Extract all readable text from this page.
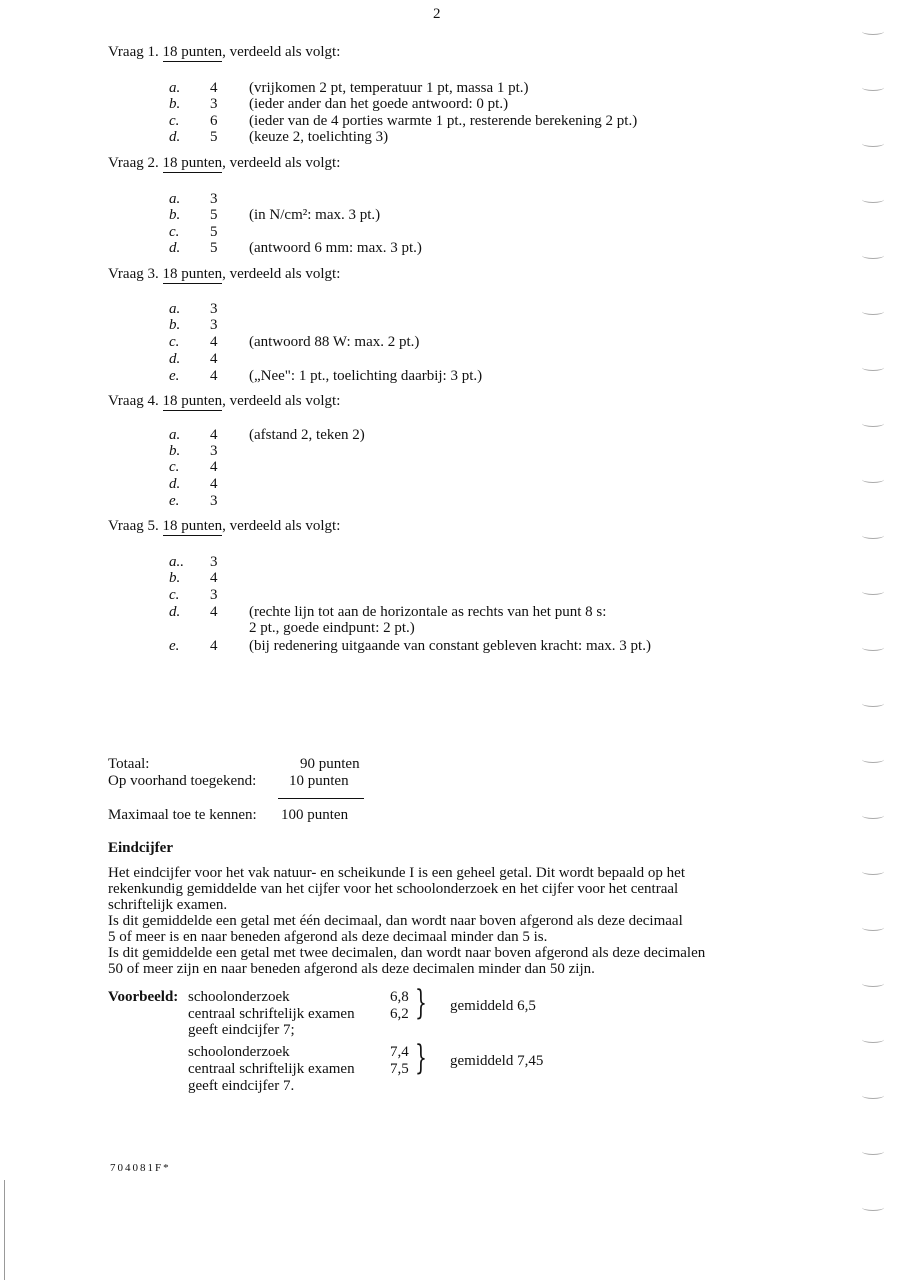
2
Vraag 1. 18 punten, verdeeld als volgt:
a. 4 (vrijkomen 2 pt, temperatuur 1 pt, massa 1 pt.)
b. 3 (ieder ander dan het goede antwoord: 0 pt.)
c. 6 (ieder van de 4 porties warmte 1 pt., resterende berekening 2 pt.)
d. 5 (keuze 2, toelichting 3)
Vraag 2. 18 punten, verdeeld als volgt:
a. 3
b. 5 (in N/cm²: max. 3 pt.)
c. 5
d. 5 (antwoord 6 mm: max. 3 pt.)
Vraag 3. 18 punten, verdeeld als volgt:
a. 3
b. 3
c. 4 (antwoord 88 W: max. 2 pt.)
d. 4
e. 4 („Nee": 1 pt., toelichting daarbij: 3 pt.)
Vraag 4. 18 punten, verdeeld als volgt:
a. 4 (afstand 2, teken 2)
b. 3
c. 4
d. 4
e. 3
Vraag 5. 18 punten, verdeeld als volgt:
a.. 3
b. 4
c. 3
d. 4 (rechte lijn tot aan de horizontale as rechts van het punt 8 s:
2 pt., goede eindpunt: 2 pt.)
e. 4 (bij redenering uitgaande van constant gebleven kracht: max. 3 pt.)
Totaal:	90 punten
Op voorhand toegekend: 10 punten
Maximaal toe te kennen: 100 punten
Eindcijfer
Het eindcijfer voor het vak natuur- en scheikunde I is een geheel getal. Dit wordt bepaald op het
rekenkundig gemiddelde van het cijfer voor het schoolonderzoek en het cijfer voor het centraal
schriftelijk examen.
Is dit gemiddelde een getal met één decimaal, dan wordt naar boven afgerond als deze decimaal
5 of meer is en naar beneden afgerond als deze decimaal minder dan 5 is.
Is dit gemiddelde een getal met twee decimalen, dan wordt naar boven afgerond als deze decimalen
50 of meer zijn en naar beneden afgerond als deze decimalen minder dan 50 zijn.
Voorbeeld: schoolonderzoek	6,8
centraal schriftelijk examen 6,2 } gemiddeld 6,5
geeft eindcijfer 7;
schoolonderzoek	7,4
centraal schriftelijk examen 7,5 } gemiddeld 7,45
geeft eindcijfer 7.
704081F*
